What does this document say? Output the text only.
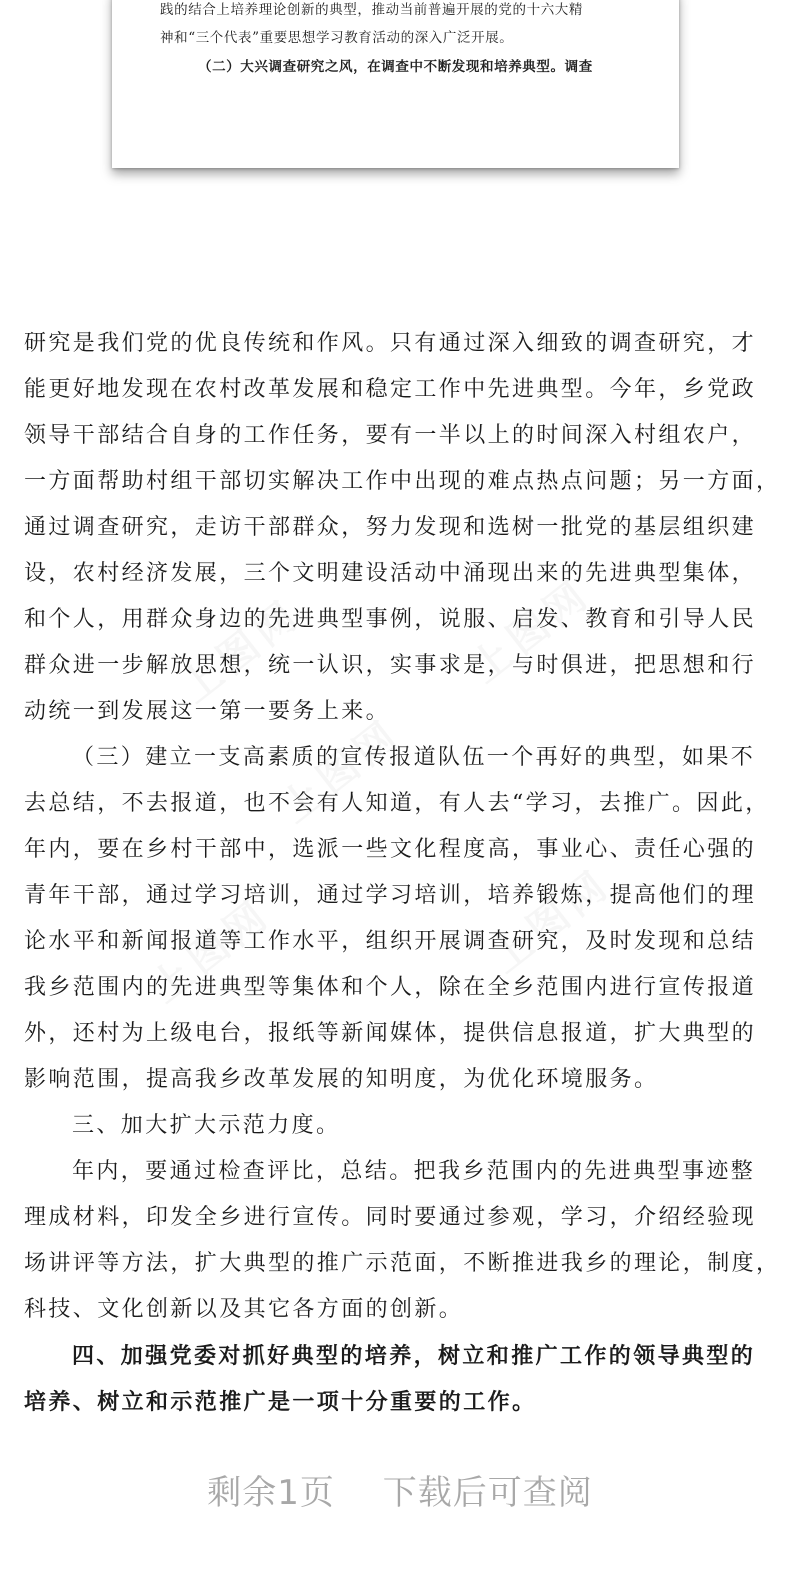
践的结合上培养理论创新的典型，推动当前普遍开展的党的十六大精
神和“三个代表”重要思想学习教育活动的深入广泛开展。
（二）大兴调查研究之风，在调查中不断发现和培养典型。调查
研究是我们党的优良传统和作风。只有通过深入细致的调查研究，才
能更好地发现在农村改革发展和稳定工作中先进典型。今年，乡党政
领导干部结合自身的工作任务，要有一半以上的时间深入村组农户，
一方面帮助村组干部切实解决工作中出现的难点热点问题；另一方面，
通过调查研究，走访干部群众，努力发现和选树一批党的基层组织建
设，农村经济发展，三个文明建设活动中涌现出来的先进典型集体，
和个人，用群众身边的先进典型事例，说服、启发、教育和引导人民
群众进一步解放思想，统一认识，实事求是，与时俱进，把思想和行
动统一到发展这一第一要务上来。
（三）建立一支高素质的宣传报道队伍一个再好的典型，如果不
去总结，不去报道，也不会有人知道，有人去“学习，去推广。因此，
年内，要在乡村干部中，选派一些文化程度高，事业心、责任心强的
青年干部，通过学习培训，通过学习培训，培养锻炼，提高他们的理
论水平和新闻报道等工作水平，组织开展调查研究，及时发现和总结
我乡范围内的先进典型等集体和个人，除在全乡范围内进行宣传报道
外，还村为上级电台，报纸等新闻媒体，提供信息报道，扩大典型的
影响范围，提高我乡改革发展的知明度，为优化环境服务。
三、加大扩大示范力度。
年内，要通过检查评比，总结。把我乡范围内的先进典型事迹整
理成材料，印发全乡进行宣传。同时要通过参观，学习，介绍经验现
场讲评等方法，扩大典型的推广示范面，不断推进我乡的理论，制度，
科技、文化创新以及其它各方面的创新。
四、加强党委对抓好典型的培养，树立和推广工作的领导典型的
培养、树立和示范推广是一项十分重要的工作。
剩余1页 下载后可查阅
